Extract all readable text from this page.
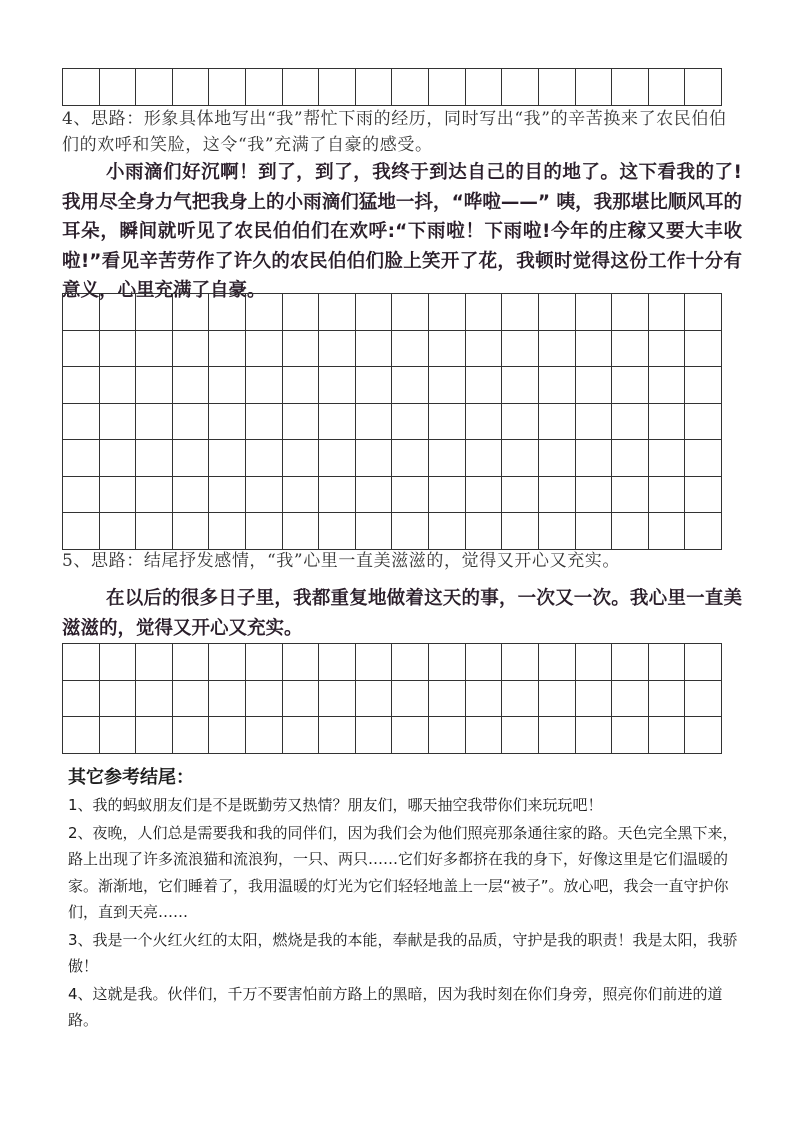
4、思路：形象具体地写出“我”帮忙下雨的经历，同时写出“我”的辛苦换来了农民伯伯们的欢呼和笑脸，这令“我”充满了自豪的感受。

小雨滴们好沉啊！到了，到了，我终于到达自己的目的地了。这下看我的了!我用尽全身力气把我身上的小雨滴们猛地一抖，“哗啦——” 咦，我那堪比顺风耳的耳朵，瞬间就听见了农民伯伯们在欢呼:“下雨啦！下雨啦!今年的庄稼又要大丰收啦!”看见辛苦劳作了许久的农民伯伯们脸上笑开了花，我顿时觉得这份工作十分有意义，心里充满了自豪。

5、思路：结尾抒发感情，“我”心里一直美滋滋的，觉得又开心又充实。

在以后的很多日子里，我都重复地做着这天的事，一次又一次。我心里一直美滋滋的，觉得又开心又充实。

其它参考结尾：

1、我的蚂蚁朋友们是不是既勤劳又热情？朋友们，哪天抽空我带你们来玩玩吧！

2、夜晚，人们总是需要我和我的同伴们，因为我们会为他们照亮那条通往家的路。天色完全黑下来，路上出现了许多流浪猫和流浪狗，一只、两只……它们好多都挤在我的身下，好像这里是它们温暖的家。渐渐地，它们睡着了，我用温暖的灯光为它们轻轻地盖上一层“被子”。放心吧，我会一直守护你们，直到天亮……

3、我是一个火红火红的太阳，燃烧是我的本能，奉献是我的品质，守护是我的职责！我是太阳，我骄傲！

4、这就是我。伙伴们，千万不要害怕前方路上的黑暗，因为我时刻在你们身旁，照亮你们前进的道路。
